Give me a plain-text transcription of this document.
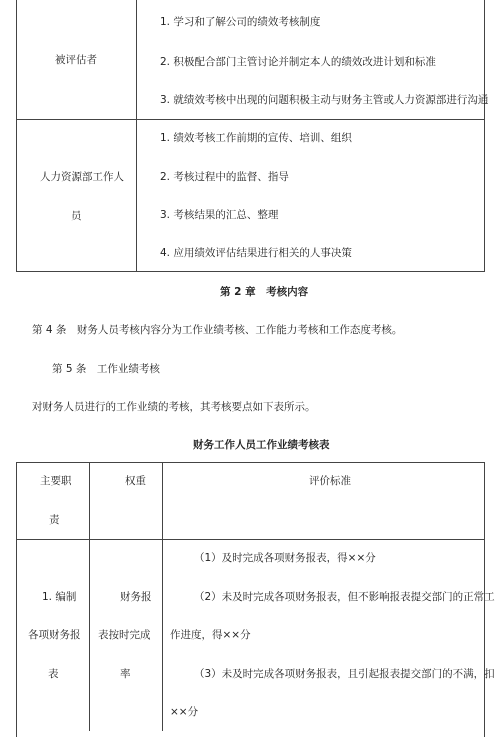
被评估者
1. 学习和了解公司的绩效考核制度
2. 积极配合部门主管讨论并制定本人的绩效改进计划和标准
3. 就绩效考核中出现的问题积极主动与财务主管或人力资源部进行沟通
人力资源部工作人
员
1. 绩效考核工作前期的宣传、培训、组织
2. 考核过程中的监督、指导
3. 考核结果的汇总、整理
4. 应用绩效评估结果进行相关的人事决策
第 2 章　考核内容
第 4 条　财务人员考核内容分为工作业绩考核、工作能力考核和工作态度考核。
第 5 条　工作业绩考核
对财务人员进行的工作业绩的考核，其考核要点如下表所示。
财务工作人员工作业绩考核表
主要职
责
权重	评价标准
1. 编制
各项财务报
表
财务报
表按时完成
率
（1）及时完成各项财务报表，得××分
（2）未及时完成各项财务报表，但不影响报表提交部门的正常工
作进度，得××分
（3）未及时完成各项财务报表，且引起报表提交部门的不满，扣
××分
